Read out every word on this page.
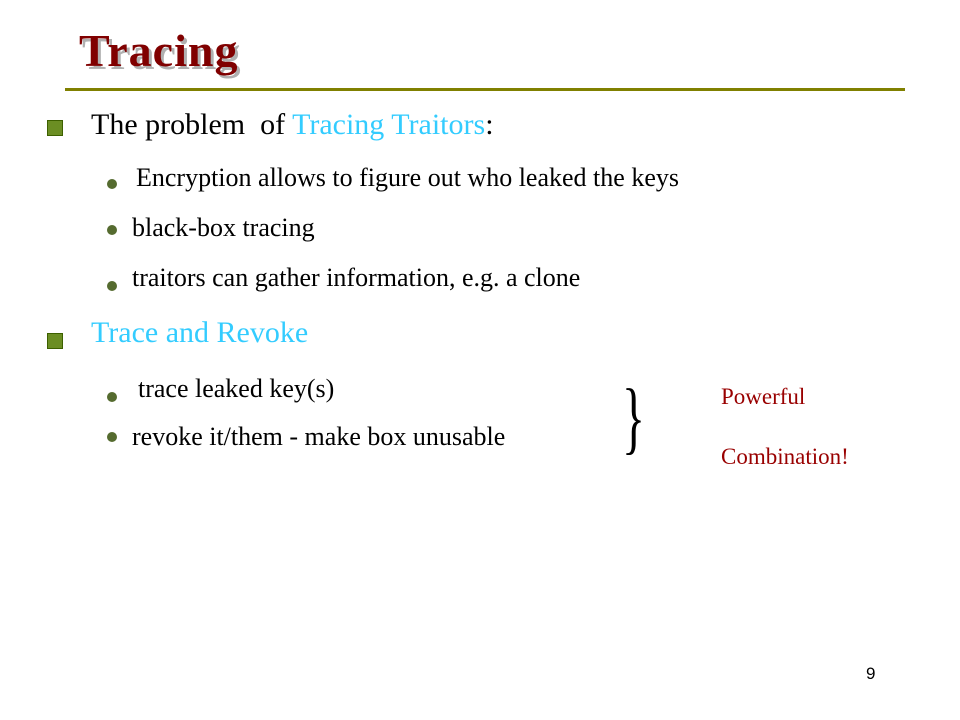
Tracing
The problem  of Tracing Traitors:
Encryption allows to figure out who leaked the keys
black-box tracing
traitors can gather information, e.g. a clone
Trace and Revoke
trace leaked key(s)
revoke it/them - make box unusable }	Powerful
Combination!
9
